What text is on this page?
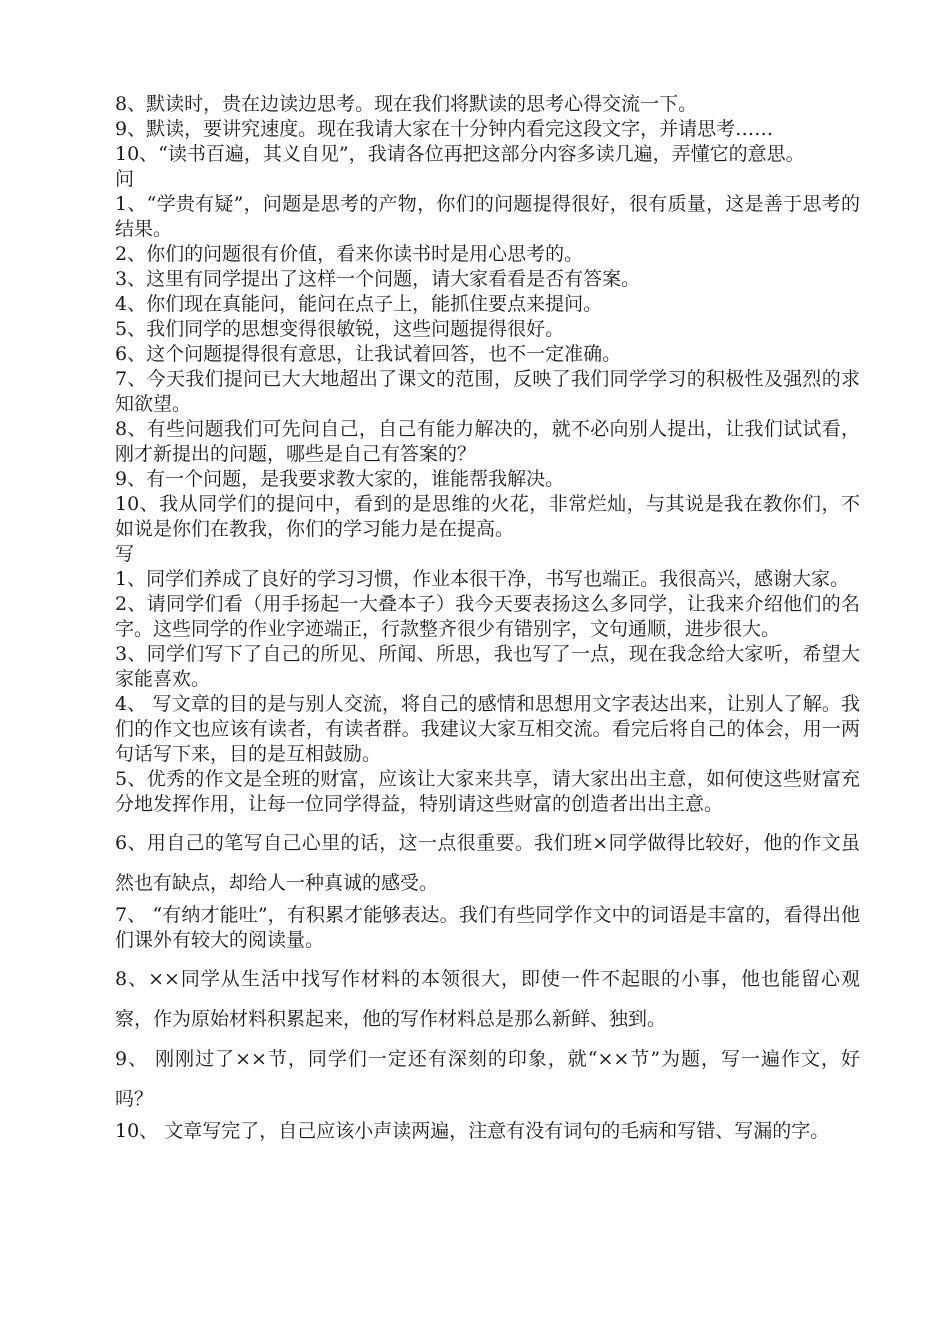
8、默读时，贵在边读边思考。现在我们将默读的思考心得交流一下。

9、默读，要讲究速度。现在我请大家在十分钟内看完这段文字，并请思考……

10、“读书百遍，其义自见”，我请各位再把这部分内容多读几遍，弄懂它的意思。

问

1、“学贵有疑”，问题是思考的产物，你们的问题提得很好，很有质量，这是善于思考的结果。

2、你们的问题很有价值，看来你读书时是用心思考的。

3、这里有同学提出了这样一个问题，请大家看看是否有答案。

4、你们现在真能问，能问在点子上，能抓住要点来提问。

5、我们同学的思想变得很敏锐，这些问题提得很好。

6、这个问题提得很有意思，让我试着回答，也不一定准确。

7、今天我们提问已大大地超出了课文的范围，反映了我们同学学习的积极性及强烈的求知欲望。

8、有些问题我们可先问自己，自己有能力解决的，就不必向别人提出，让我们试试看，刚才新提出的问题，哪些是自己有答案的？

9、有一个问题，是我要求教大家的，谁能帮我解决。

10、我从同学们的提问中，看到的是思维的火花，非常烂灿，与其说是我在教你们，不如说是你们在教我，你们的学习能力是在提高。

写

1、同学们养成了良好的学习习惯，作业本很干净，书写也端正。我很高兴，感谢大家。

2、请同学们看（用手扬起一大叠本子）我今天要表扬这么多同学，让我来介绍他们的名字。这些同学的作业字迹端正，行款整齐很少有错别字，文句通顺，进步很大。

3、同学们写下了自己的所见、所闻、所思，我也写了一点，现在我念给大家听，希望大家能喜欢。

4、 写文章的目的是与别人交流，将自己的感情和思想用文字表达出来，让别人了解。我们的作文也应该有读者，有读者群。我建议大家互相交流。看完后将自己的体会，用一两句话写下来，目的是互相鼓励。

5、优秀的作文是全班的财富，应该让大家来共享，请大家出出主意，如何使这些财富充分地发挥作用，让每一位同学得益，特别请这些财富的创造者出出主意。

6、用自己的笔写自己心里的话，这一点很重要。我们班×同学做得比较好，他的作文虽然也有缺点，却给人一种真诚的感受。

7、 “有纳才能吐”，有积累才能够表达。我们有些同学作文中的词语是丰富的，看得出他们课外有较大的阅读量。

8、××同学从生活中找写作材料的本领很大，即使一件不起眼的小事，他也能留心观察，作为原始材料积累起来，他的写作材料总是那么新鲜、独到。

9、 刚刚过了××节，同学们一定还有深刻的印象，就“××节”为题，写一遍作文，好吗？

10、 文章写完了，自己应该小声读两遍，注意有没有词句的毛病和写错、写漏的字。
